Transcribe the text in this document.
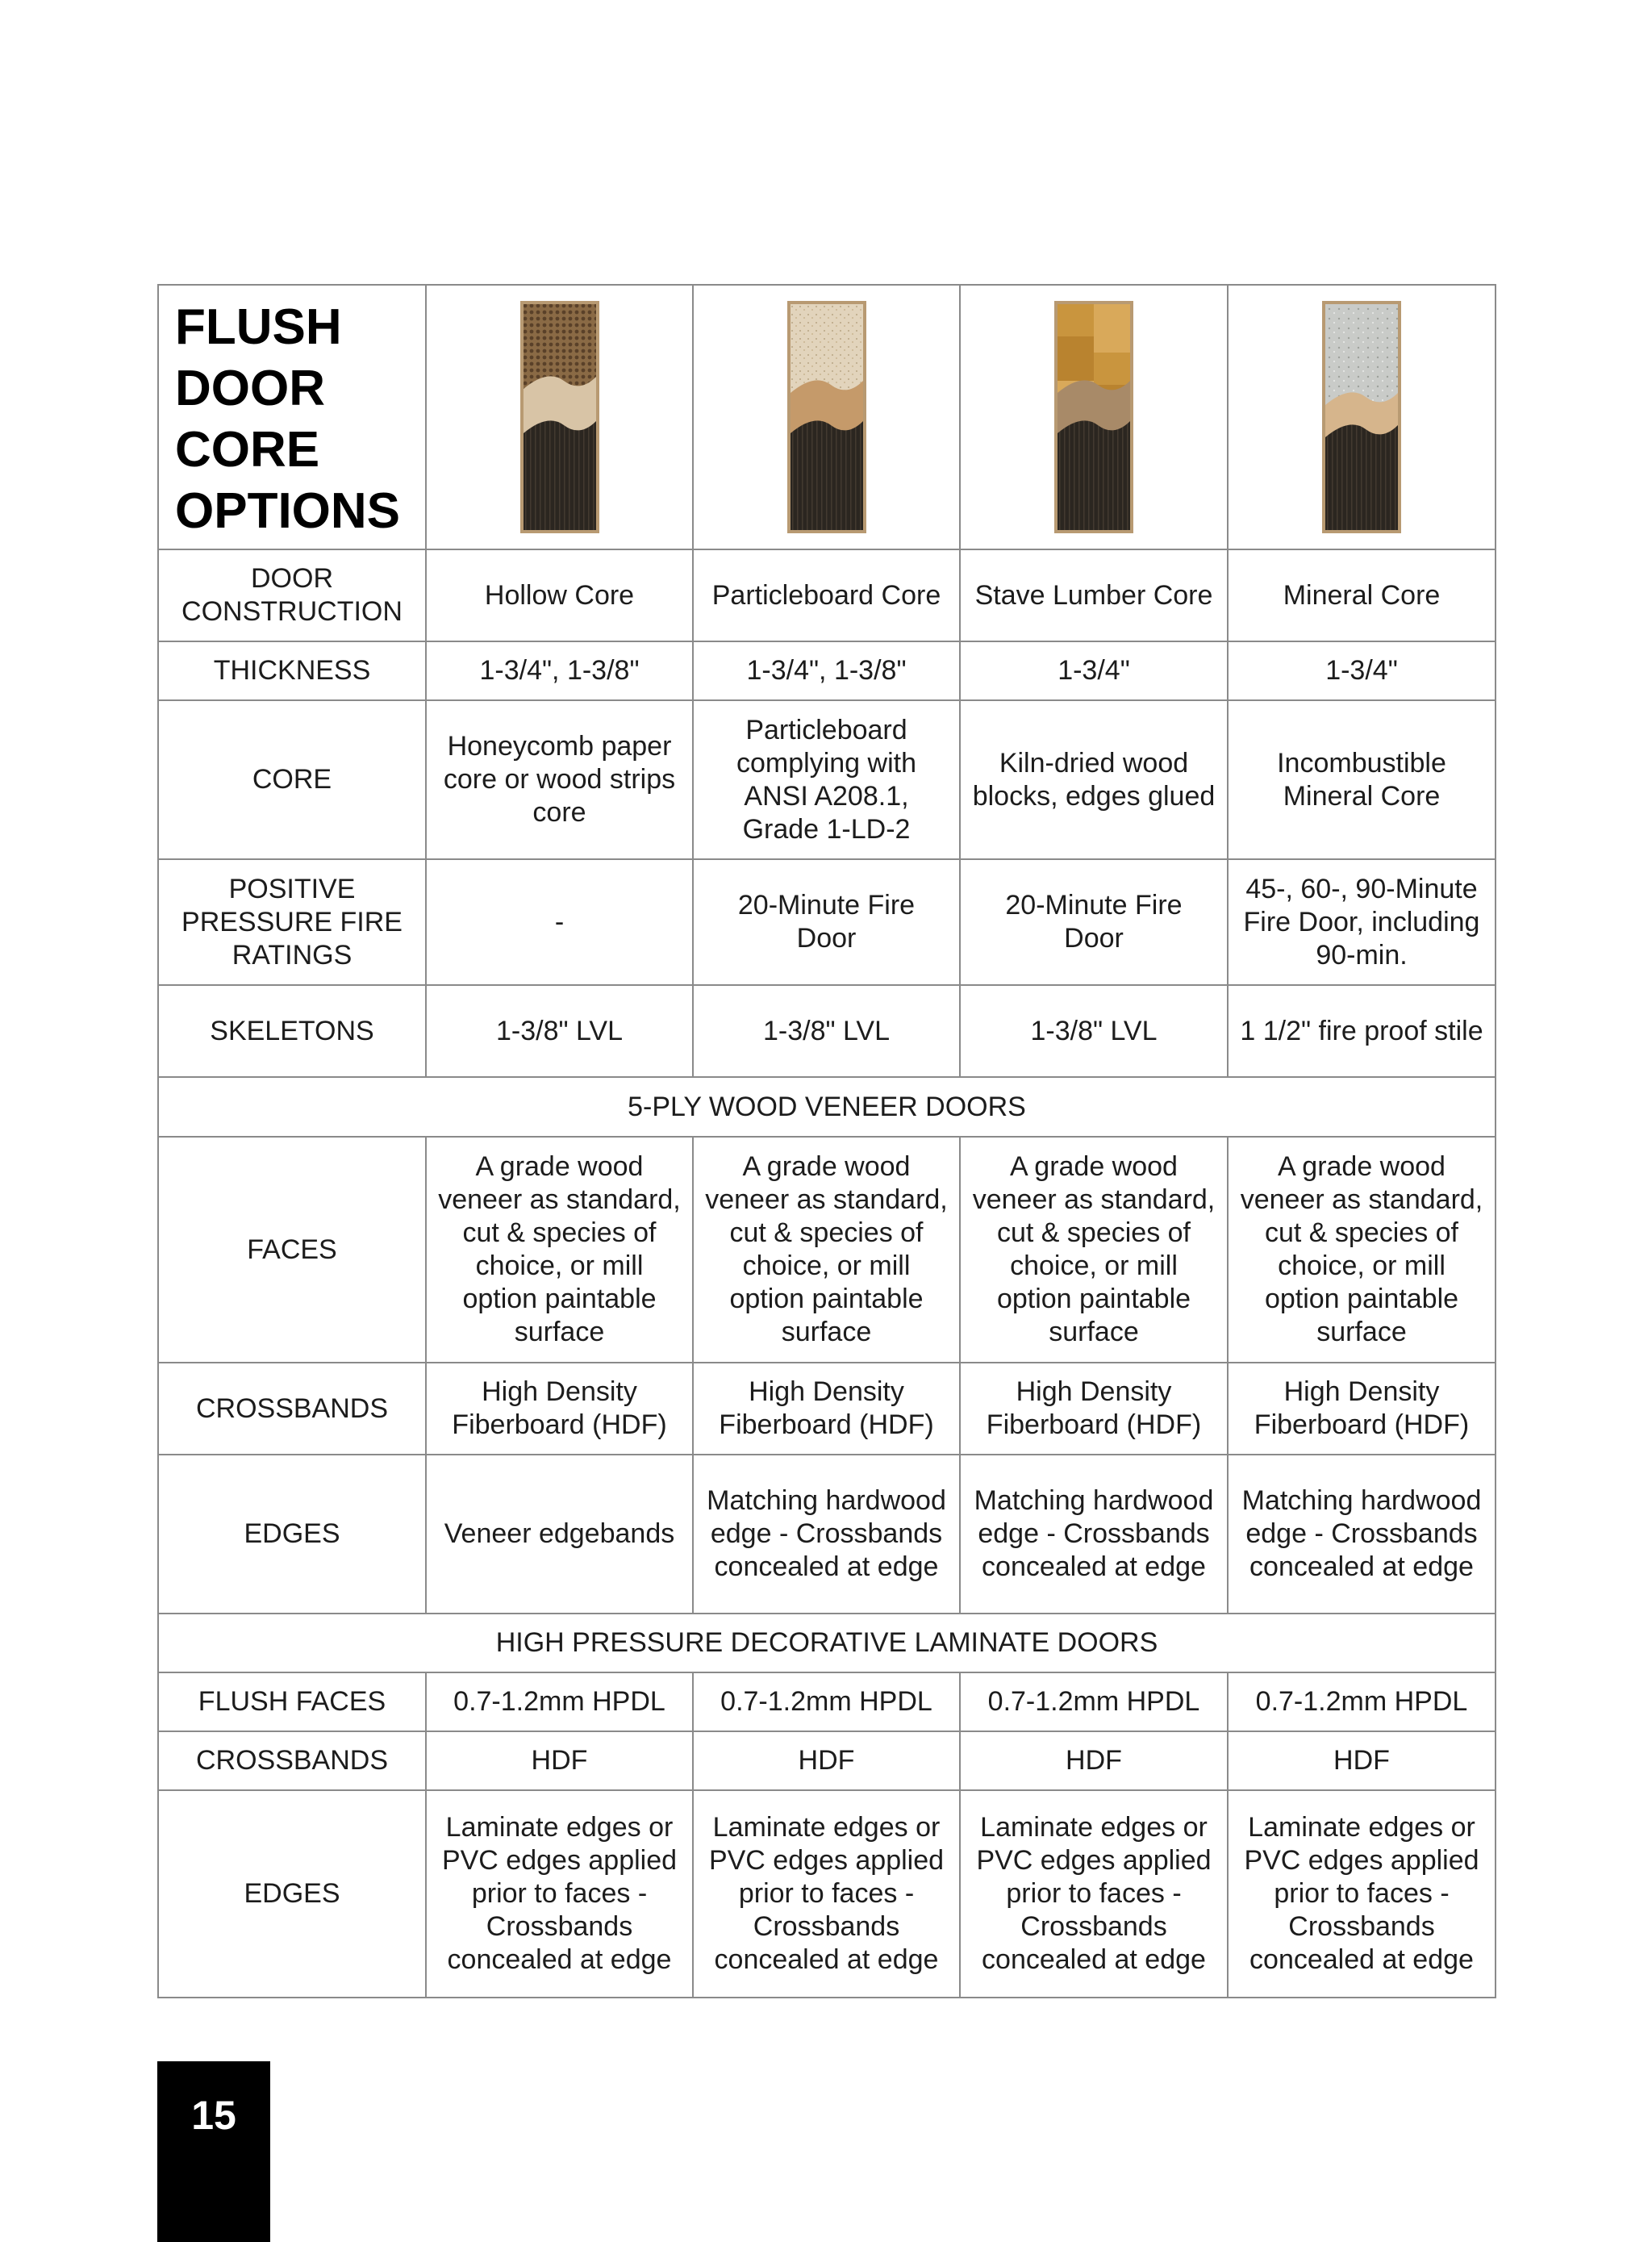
FLUSH
DOOR
CORE
OPTIONS

DOOR CONSTRUCTION	Hollow Core	Particleboard Core	Stave Lumber Core	Mineral Core
THICKNESS	1-3/4", 1-3/8"	1-3/4", 1-3/8"	1-3/4"	1-3/4"
CORE	Honeycomb paper core or wood strips core	Particleboard complying with ANSI A208.1, Grade 1-LD-2	Kiln-dried wood blocks, edges glued	Incombustible Mineral Core
POSITIVE PRESSURE FIRE RATINGS	-	20-Minute Fire Door	20-Minute Fire Door	45-, 60-, 90-Minute Fire Door, including 90-min.
SKELETONS	1-3/8" LVL	1-3/8" LVL	1-3/8" LVL	1 1/2" fire proof stile
5-PLY WOOD VENEER DOORS				
FACES	A grade wood veneer as standard, cut & species of choice, or mill option paintable surface	A grade wood veneer as standard, cut & species of choice, or mill option paintable surface	A grade wood veneer as standard, cut & species of choice, or mill option paintable surface	A grade wood veneer as standard, cut & species of choice, or mill option paintable surface
CROSSBANDS	High Density Fiberboard (HDF)	High Density Fiberboard (HDF)	High Density Fiberboard (HDF)	High Density Fiberboard (HDF)
EDGES	Veneer edgebands	Matching hardwood edge - Crossbands concealed at edge	Matching hardwood edge - Crossbands concealed at edge	Matching hardwood edge - Crossbands concealed at edge
HIGH PRESSURE DECORATIVE LAMINATE DOORS				
FLUSH FACES	0.7-1.2mm HPDL	0.7-1.2mm HPDL	0.7-1.2mm HPDL	0.7-1.2mm HPDL
CROSSBANDS	HDF	HDF	HDF	HDF
EDGES	Laminate edges or PVC edges applied prior to faces - Crossbands concealed at edge	Laminate edges or PVC edges applied prior to faces - Crossbands concealed at edge	Laminate edges or PVC edges applied prior to faces - Crossbands concealed at edge	Laminate edges or PVC edges applied prior to faces - Crossbands concealed at edge
15
